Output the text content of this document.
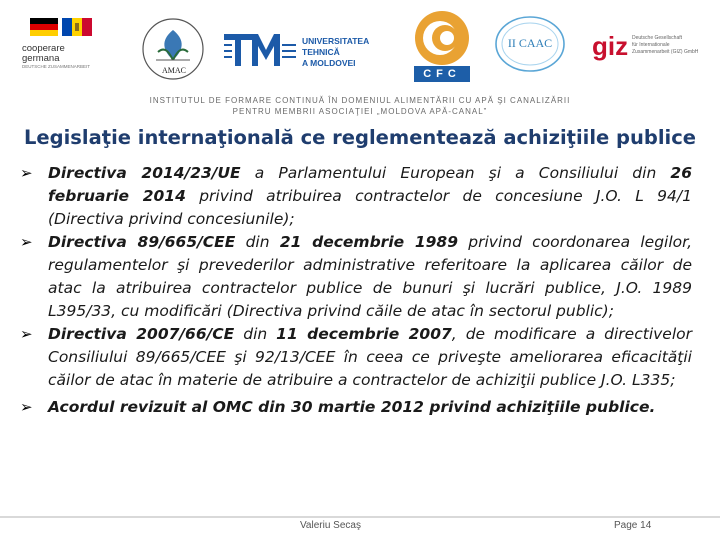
cooperare
germana
DEUTSCHE ZUSAMMENARBEIT	AMAC
UNIVERSITATEA TEHNICĂ
A MOLDOVEI
CFC
II CAAC	giz Deutsche Gesellschaft
für Internationale
Zusammenarbeit (GIZ) GmbH
INSTITUTUL DE FORMARE CONTINUĂ ÎN DOMENIUL ALIMENTĂRII CU APĂ ŞI CANALIZĂRII
PENTRU MEMBRII ASOCIAŢIEI „MOLDOVA APĂ-CANAL”
Legislaţie internaţională ce reglementează achiziţiile publice
➢ Directiva 2014/23/UE a Parlamentului European şi a Consiliului din 26 februarie 2014 privind atribuirea contractelor de concesiune J.O. L 94/1 (Directiva privind concesiunile);
➢ Directiva 89/665/CEE din 21 decembrie 1989 privind coordonarea legilor, regulamentelor şi prevederilor administrative referitoare la aplicarea căilor de atac la atribuirea contractelor publice de bunuri şi lucrări publice, J.O. 1989 L395/33, cu modificări (Directiva privind căile de atac în sectorul public);
➢ Directiva 2007/66/CE din 11 decembrie 2007, de modificare a directivelor Consiliului 89/665/CEE şi 92/13/CEE în ceea ce priveşte ameliorarea eficacităţii căilor de atac în materie de atribuire a contractelor de achiziţii publice J.O. L335;
➢ Acordul revizuit al OMC din 30 martie 2012 privind achiziţiile publice.
Valeriu Secaş	Page 14
